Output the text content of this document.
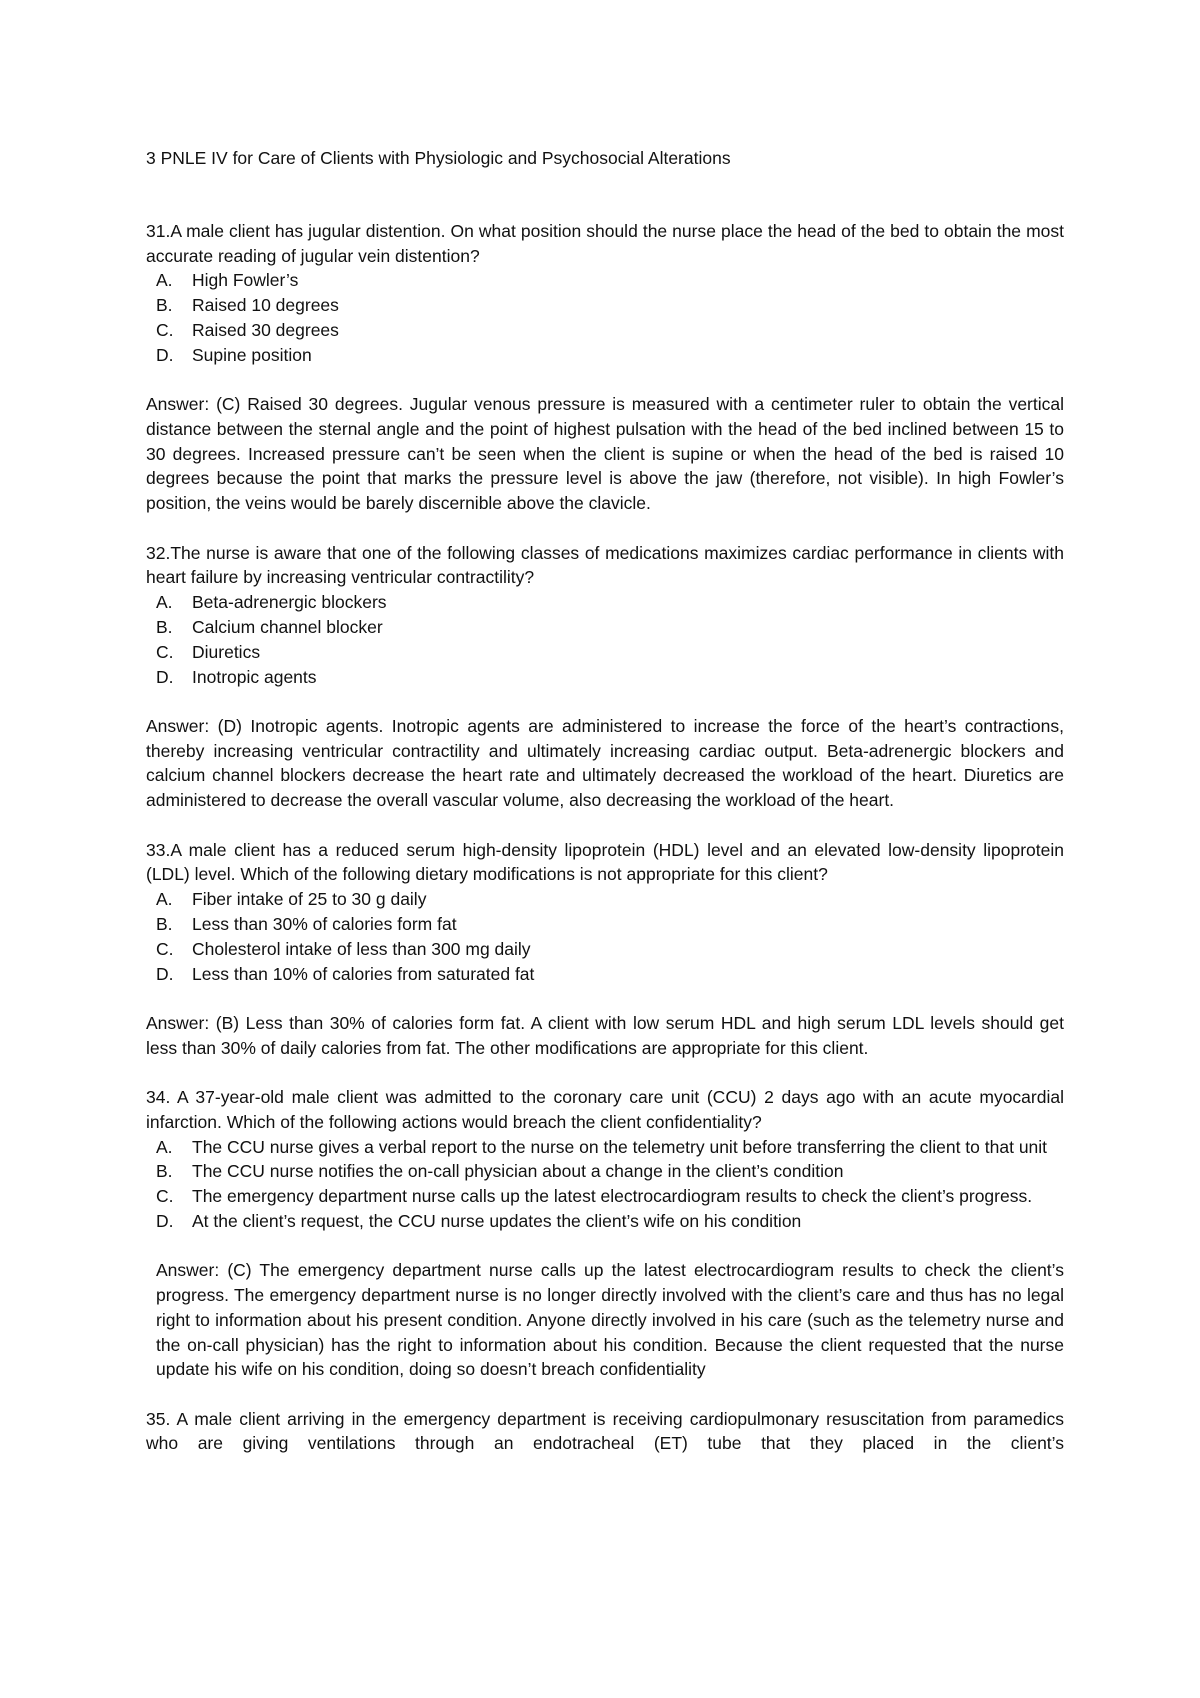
3 PNLE IV for Care of Clients with Physiologic and Psychosocial Alterations

31.A male client has jugular distention. On what position should the nurse place the head of the bed to obtain the most accurate reading of jugular vein distention?

A. High Fowler’s
B. Raised 10 degrees
C. Raised 30 degrees
D. Supine position

Answer: (C) Raised 30 degrees. Jugular venous pressure is measured with a centimeter ruler to obtain the vertical distance between the sternal angle and the point of highest pulsation with the head of the bed inclined between 15 to 30 degrees. Increased pressure can’t be seen when the client is supine or when the head of the bed is raised 10 degrees because the point that marks the pressure level is above the jaw (therefore, not visible). In high Fowler’s position, the veins would be barely discernible above the clavicle.

32.The nurse is aware that one of the following classes of medications maximizes cardiac performance in clients with heart failure by increasing ventricular contractility?

A. Beta-adrenergic blockers
B. Calcium channel blocker
C. Diuretics
D. Inotropic agents

Answer: (D) Inotropic agents. Inotropic agents are administered to increase the force of the heart’s contractions, thereby increasing ventricular contractility and ultimately increasing cardiac output. Beta-adrenergic blockers and calcium channel blockers decrease the heart rate and ultimately decreased the workload of the heart. Diuretics are administered to decrease the overall vascular volume, also decreasing the workload of the heart.

33.A male client has a reduced serum high-density lipoprotein (HDL) level and an elevated low-density lipoprotein (LDL) level. Which of the following dietary modifications is not appropriate for this client?

A. Fiber intake of 25 to 30 g daily
B. Less than 30% of calories form fat
C. Cholesterol intake of less than 300 mg daily
D. Less than 10% of calories from saturated fat

Answer: (B) Less than 30% of calories form fat. A client with low serum HDL and high serum LDL levels should get less than 30% of daily calories from fat. The other modifications are appropriate for this client.

34. A 37-year-old male client was admitted to the coronary care unit (CCU) 2 days ago with an acute myocardial infarction. Which of the following actions would breach the client confidentiality?

A. The CCU nurse gives a verbal report to the nurse on the telemetry unit before transferring the client to that unit
B. The CCU nurse notifies the on-call physician about a change in the client’s condition
C. The emergency department nurse calls up the latest electrocardiogram results to check the client’s progress.
D. At the client’s request, the CCU nurse updates the client’s wife on his condition

Answer: (C) The emergency department nurse calls up the latest electrocardiogram results to check the client’s progress. The emergency department nurse is no longer directly involved with the client’s care and thus has no legal right to information about his present condition. Anyone directly involved in his care (such as the telemetry nurse and the on-call physician) has the right to information about his condition. Because the client requested that the nurse update his wife on his condition, doing so doesn’t breach confidentiality

35. A male client arriving in the emergency department is receiving cardiopulmonary resuscitation from paramedics who are giving ventilations through an endotracheal (ET) tube that they placed in the client’s
